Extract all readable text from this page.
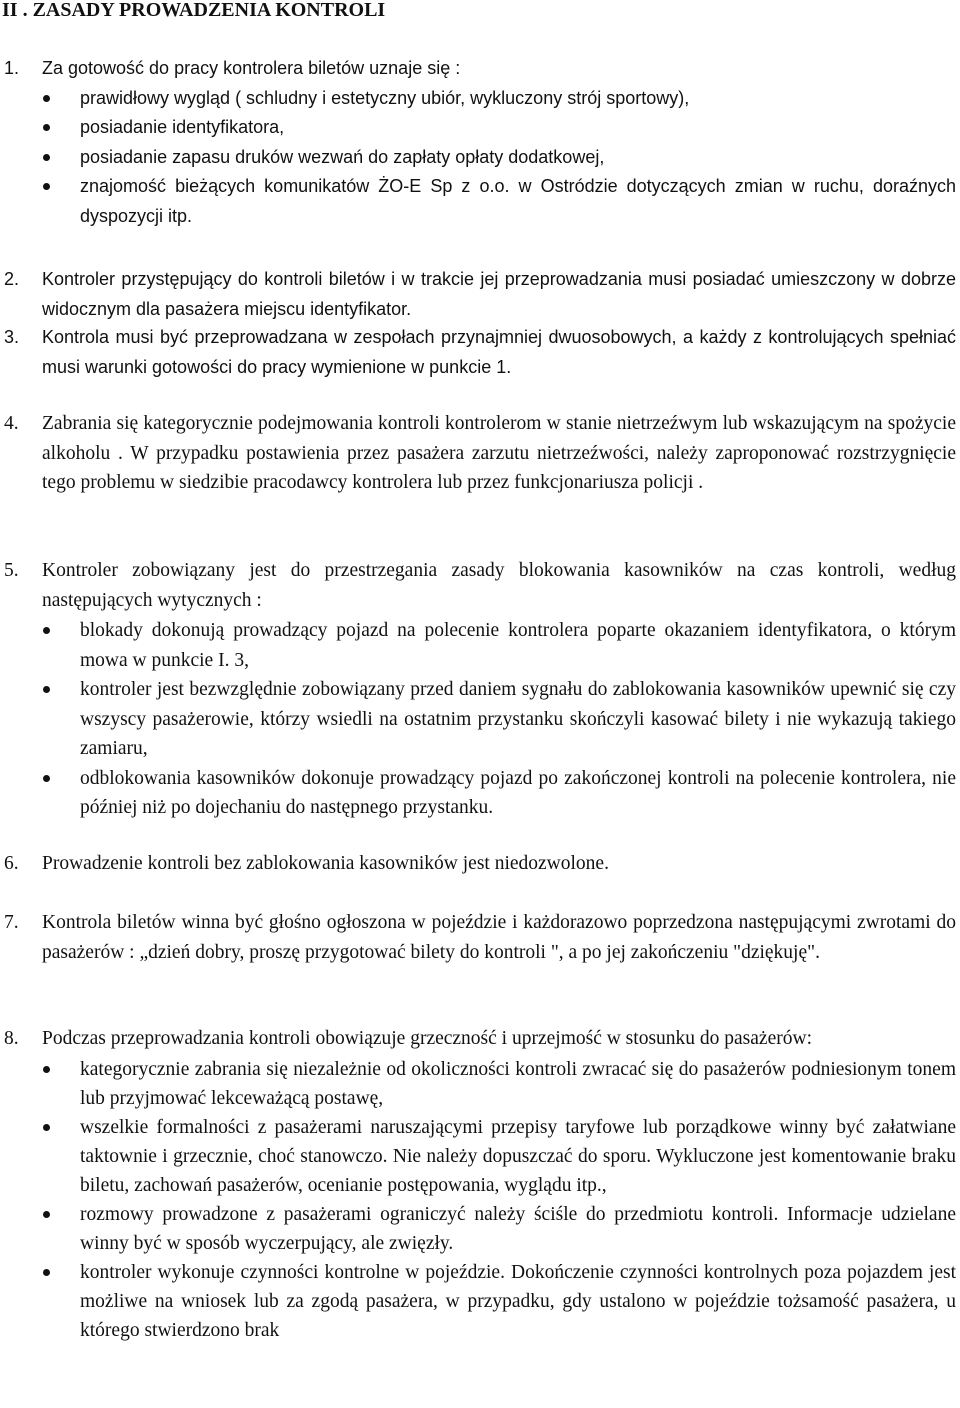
II . ZASADY PROWADZENIA KONTROLI
1. Za gotowość do pracy kontrolera biletów uznaje się :

prawidłowy wygląd ( schludny i estetyczny ubiór, wykluczony strój sportowy),
posiadanie identyfikatora,
posiadanie zapasu druków wezwań do zapłaty opłaty dodatkowej,
znajomość bieżących komunikatów ŻO-E Sp z o.o. w Ostródzie dotyczących zmian w ruchu, doraźnych dyspozycji itp.
2. Kontroler przystępujący do kontroli biletów i w trakcie jej przeprowadzania musi posiadać umieszczony w dobrze widocznym dla pasażera miejscu identyfikator.

3. Kontrola musi być przeprowadzana w zespołach przynajmniej dwuosobowych, a każdy z kontrolujących spełniać musi warunki gotowości do pracy wymienione w punkcie 1.

4. Zabrania się kategorycznie podejmowania kontroli kontrolerom w stanie nietrzeźwym lub wskazującym na spożycie alkoholu . W przypadku postawienia przez pasażera zarzutu nietrzeźwości, należy zaproponować rozstrzygnięcie tego problemu w siedzibie pracodawcy kontrolera lub przez funkcjonariusza policji .

5. Kontroler zobowiązany jest do przestrzegania zasady blokowania kasowników na czas kontroli, według następujących wytycznych :

blokady dokonują prowadzący pojazd na polecenie kontrolera poparte okazaniem identyfikatora, o którym mowa w punkcie I. 3,
kontroler jest bezwzględnie zobowiązany przed daniem sygnału do zablokowania kasowników upewnić się czy wszyscy pasażerowie, którzy wsiedli na ostatnim przystanku skończyli kasować bilety i nie wykazują takiego zamiaru,
odblokowania kasowników dokonuje prowadzący pojazd po zakończonej kontroli na polecenie kontrolera, nie później niż po dojechaniu do następnego przystanku.
6. Prowadzenie kontroli bez zablokowania kasowników jest niedozwolone.

7. Kontrola biletów winna być głośno ogłoszona w pojeździe i każdorazowo poprzedzona następującymi zwrotami do pasażerów : „dzień dobry, proszę przygotować bilety do kontroli ", a po jej zakończeniu "dziękuję".

8. Podczas przeprowadzania kontroli obowiązuje grzeczność i uprzejmość w stosunku do pasażerów:

kategorycznie zabrania się niezależnie od okoliczności kontroli zwracać się do pasażerów podniesionym tonem lub przyjmować lekceważącą postawę,
wszelkie formalności z pasażerami naruszającymi przepisy taryfowe lub porządkowe winny być załatwiane taktownie i grzecznie, choć stanowczo. Nie należy dopuszczać do sporu. Wykluczone jest komentowanie braku biletu, zachowań pasażerów, ocenianie postępowania, wyglądu itp.,
rozmowy prowadzone z pasażerami ograniczyć należy ściśle do przedmiotu kontroli. Informacje udzielane winny być w sposób wyczerpujący, ale zwięzły.
kontroler wykonuje czynności kontrolne w pojeździe. Dokończenie czynności kontrolnych poza pojazdem jest możliwe na wniosek lub za zgodą pasażera, w przypadku, gdy ustalono w pojeździe tożsamość pasażera, u którego stwierdzono brak
